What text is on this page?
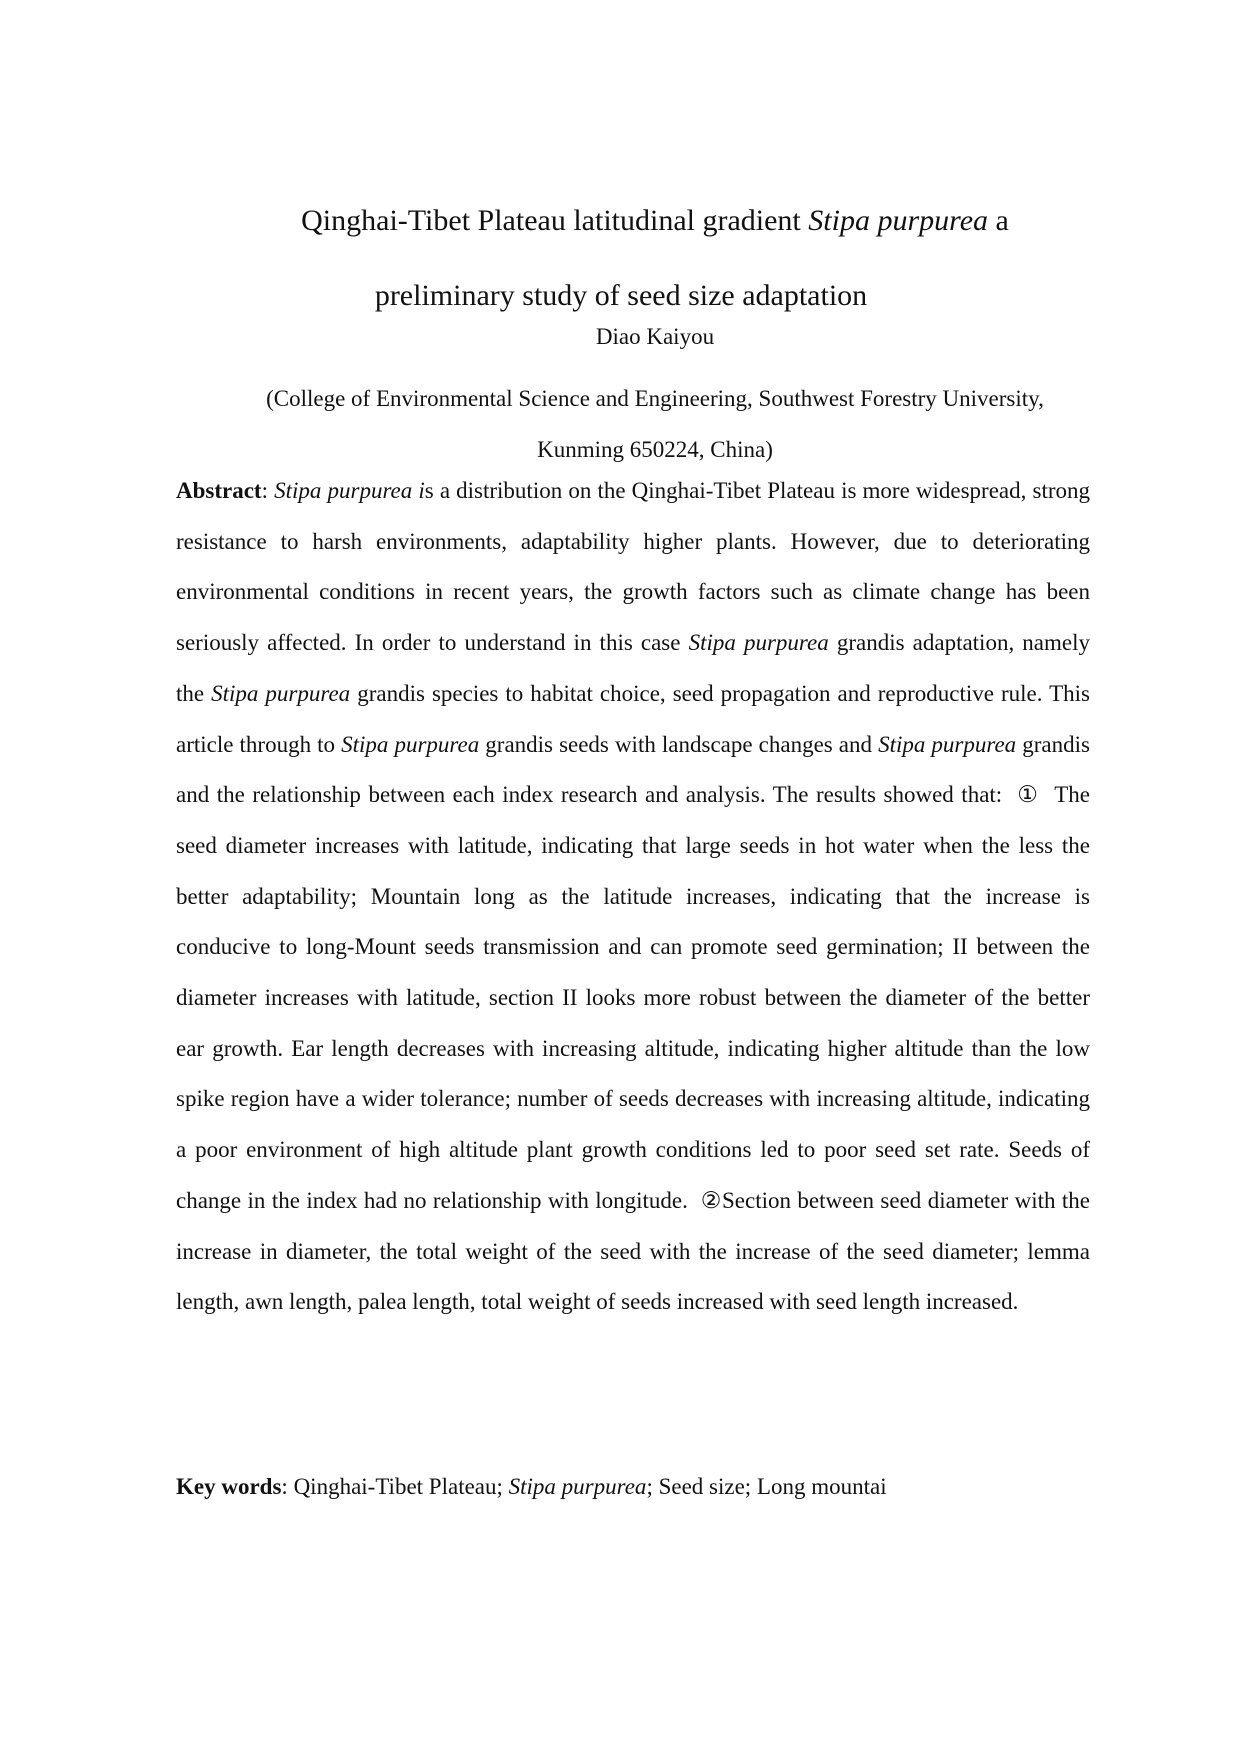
Qinghai-Tibet Plateau latitudinal gradient Stipa purpurea a
preliminary study of seed size adaptation
Diao Kaiyou
(College of Environmental Science and Engineering, Southwest Forestry University,
Kunming 650224, China)

Abstract: Stipa purpurea is a distribution on the Qinghai-Tibet Plateau is more widespread, strong resistance to harsh environments, adaptability higher plants. However, due to deteriorating environmental conditions in recent years, the growth factors such as climate change has been seriously affected. In order to understand in this case Stipa purpurea grandis adaptation, namely the Stipa purpurea grandis species to habitat choice, seed propagation and reproductive rule. This article through to Stipa purpurea grandis seeds with landscape changes and Stipa purpurea grandis and the relationship between each index research and analysis. The results showed that:  ①  The seed diameter increases with latitude, indicating that large seeds in hot water when the less the better adaptability; Mountain long as the latitude increases, indicating that the increase is conducive to long-Mount seeds transmission and can promote seed germination; II between the diameter increases with latitude, section II looks more robust between the diameter of the better ear growth. Ear length decreases with increasing altitude, indicating higher altitude than the low spike region have a wider tolerance; number of seeds decreases with increasing altitude, indicating a poor environment of high altitude plant growth conditions led to poor seed set rate. Seeds of change in the index had no relationship with longitude.  ②Section between seed diameter with the increase in diameter, the total weight of the seed with the increase of the seed diameter; lemma length, awn length, palea length, total weight of seeds increased with seed length increased.

Key words: Qinghai-Tibet Plateau; Stipa purpurea; Seed size; Long mountai
